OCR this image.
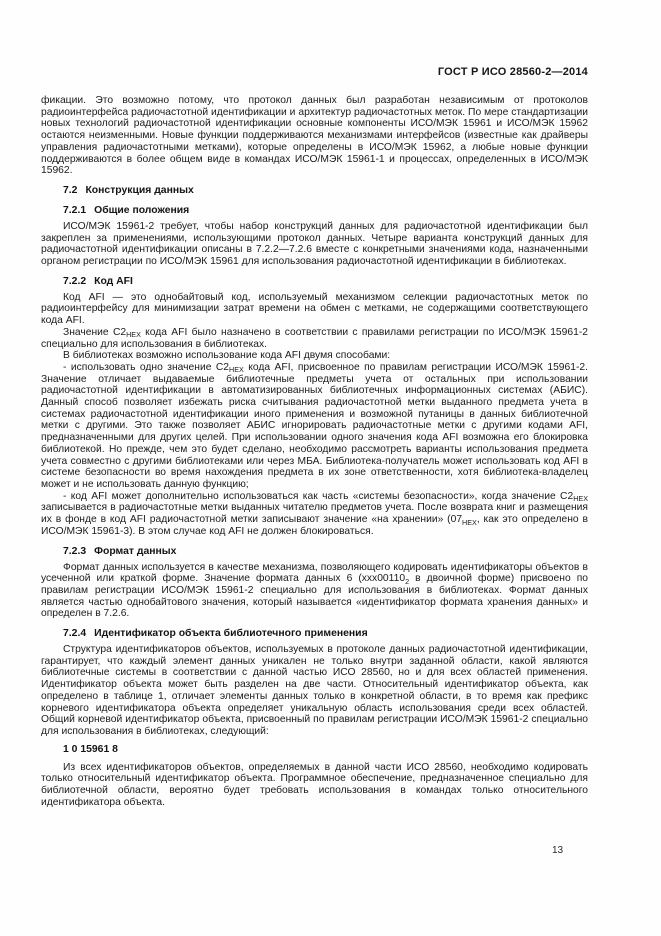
ГОСТ Р ИСО 28560-2—2014

фикации. Это возможно потому, что протокол данных был разработан независимым от протоколов радиоинтерфейса радиочастотной идентификации и архитектур радиочастотных меток. По мере стандартизации новых технологий радиочастотной идентификации основные компоненты ИСО/МЭК 15961 и ИСО/МЭК 15962 остаются неизменными. Новые функции поддерживаются механизмами интерфейсов (известные как драйверы управления радиочастотными метками), которые определены в ИСО/МЭК 15962, а любые новые функции поддерживаются в более общем виде в командах ИСО/МЭК 15961-1 и процессах, определенных в ИСО/МЭК 15962.

7.2 Конструкция данных
7.2.1 Общие положения

ИСО/МЭК 15961-2 требует, чтобы набор конструкций данных для радиочастотной идентификации был закреплен за применениями, использующими протокол данных. Четыре варианта конструкций данных для радиочастотной идентификации описаны в 7.2.2—7.2.6 вместе с конкретными значениями кода, назначенными органом регистрации по ИСО/МЭК 15961 для использования радиочастотной идентификации в библиотеках.

7.2.2 Код AFI

Код AFI — это однобайтовый код, используемый механизмом селекции радиочастотных меток по радиоинтерфейсу для минимизации затрат времени на обмен с метками, не содержащими соответствующего кода AFI.

Значение $C2_{HEX}$ кода AFI было назначено в соответствии с правилами регистрации по ИСО/МЭК 15961-2 специально для использования в библиотеках.

В библиотеках возможно использование кода AFI двумя способами:

- использовать одно значение $C2_{HEX}$ кода AFI, присвоенное по правилам регистрации ИСО/МЭК 15961-2. Значение отличает выдаваемые библиотечные предметы учета от остальных при использовании радиочастотной идентификации в автоматизированных библиотечных информационных системах (АБИС). Данный способ позволяет избежать риска считывания радиочастотной метки выданного предмета учета в системах радиочастотной идентификации иного применения и возможной путаницы в данных библиотечной метки с другими. Это также позволяет АБИС игнорировать радиочастотные метки с другими кодами AFI, предназначенными для других целей. При использовании одного значения кода AFI возможна его блокировка библиотекой. Но прежде, чем это будет сделано, необходимо рассмотреть варианты использования предмета учета совместно с другими библиотеками или через МБА. Библиотека-получатель может использовать код AFI в системе безопасности во время нахождения предмета в их зоне ответственности, хотя библиотека-владелец может и не использовать данную функцию;

- код AFI может дополнительно использоваться как часть «системы безопасности», когда значение $C2_{HEX}$ записывается в радиочастотные метки выданных читателю предметов учета. После возврата книг и размещения их в фонде в код AFI радиочастотной метки записывают значение «на хранении» ($07_{HEX}$, как это определено в ИСО/МЭК 15961-3). В этом случае код AFI не должен блокироваться.

7.2.3 Формат данных

Формат данных используется в качестве механизма, позволяющего кодировать идентификаторы объектов в усеченной или краткой форме. Значение формата данных 6 ($xxx00110_2$ в двоичной форме) присвоено по правилам регистрации ИСО/МЭК 15961-2 специально для использования в библиотеках. Формат данных является частью однобайтового значения, который называется «идентификатор формата хранения данных» и определен в 7.2.6.

7.2.4 Идентификатор объекта библиотечного применения

Структура идентификаторов объектов, используемых в протоколе данных радиочастотной идентификации, гарантирует, что каждый элемент данных уникален не только внутри заданной области, какой являются библиотечные системы в соответствии с данной частью ИСО 28560, но и для всех областей применения. Идентификатор объекта может быть разделен на две части. Относительный идентификатор объекта, как определено в таблице 1, отличает элементы данных только в конкретной области, в то время как префикс корневого идентификатора объекта определяет уникальную область использования среди всех областей. Общий корневой идентификатор объекта, присвоенный по правилам регистрации ИСО/МЭК 15961-2 специально для использования в библиотеках, следующий:

1 0 15961 8

Из всех идентификаторов объектов, определяемых в данной части ИСО 28560, необходимо кодировать только относительный идентификатор объекта. Программное обеспечение, предназначенное специально для библиотечной области, вероятно будет требовать использования в командах только относительного идентификатора объекта.

13
